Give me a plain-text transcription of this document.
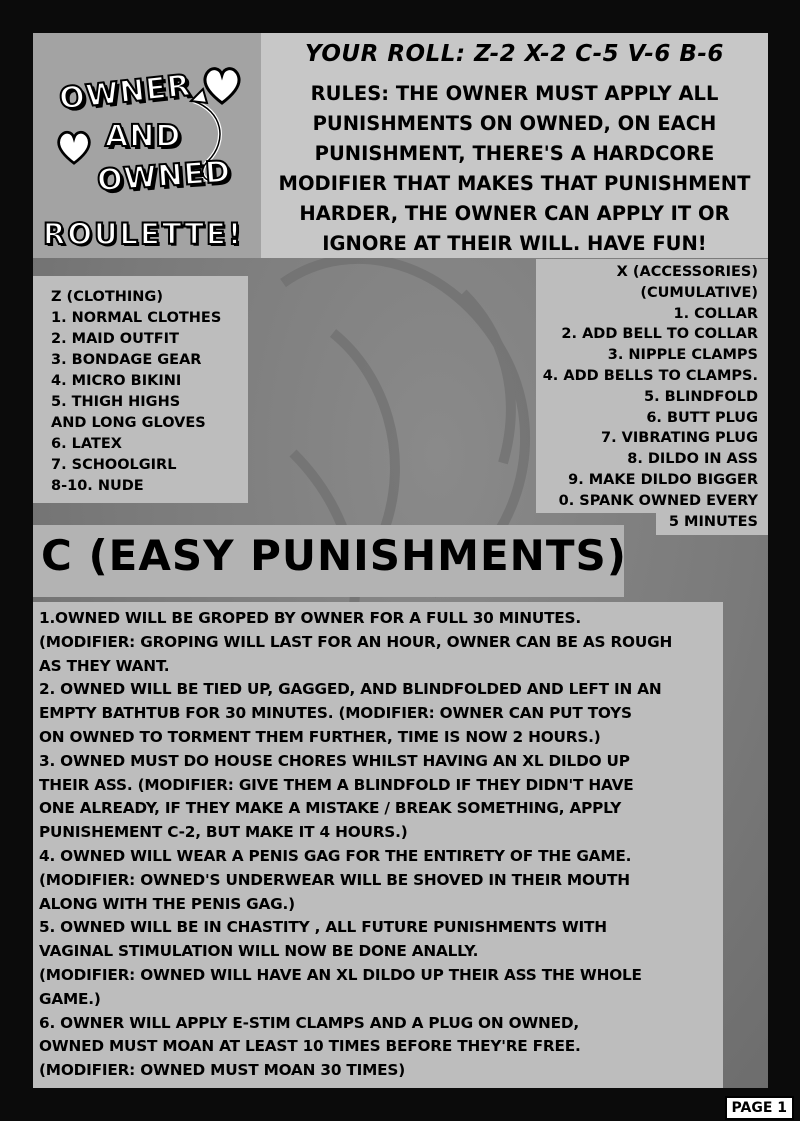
OWNER
AND
OWNED
ROULETTE!
YOUR ROLL: Z-2 X-2 C-5 V-6 B-6
RULES: THE OWNER MUST APPLY ALL
PUNISHMENTS ON OWNED, ON EACH
PUNISHMENT, THERE'S A HARDCORE
MODIFIER THAT MAKES THAT PUNISHMENT
HARDER, THE OWNER CAN APPLY IT OR
IGNORE AT THEIR WILL. HAVE FUN!
Z (CLOTHING)
1. NORMAL CLOTHES
2. MAID OUTFIT
3. BONDAGE GEAR
4. MICRO BIKINI
5. THIGH HIGHS
AND LONG GLOVES
6. LATEX
7. SCHOOLGIRL
8-10. NUDE
X (ACCESSORIES)
(CUMULATIVE)
1. COLLAR
2. ADD BELL TO COLLAR
3. NIPPLE CLAMPS
4. ADD BELLS TO CLAMPS.
5. BLINDFOLD
6. BUTT PLUG
7. VIBRATING PLUG
8. DILDO IN ASS
9. MAKE DILDO BIGGER
0. SPANK OWNED EVERY
5 MINUTES
C (EASY PUNISHMENTS)
1.OWNED WILL BE GROPED BY OWNER FOR A FULL 30 MINUTES.
(MODIFIER: GROPING WILL LAST FOR AN HOUR, OWNER CAN BE AS ROUGH
AS THEY WANT.
2. OWNED WILL BE TIED UP, GAGGED, AND BLINDFOLDED AND LEFT IN AN
EMPTY BATHTUB FOR 30 MINUTES. (MODIFIER: OWNER CAN PUT TOYS
ON OWNED TO TORMENT THEM FURTHER, TIME IS NOW 2 HOURS.)
3. OWNED MUST DO HOUSE CHORES WHILST HAVING AN XL DILDO UP
THEIR ASS. (MODIFIER: GIVE THEM A BLINDFOLD IF THEY DIDN'T HAVE
ONE ALREADY, IF THEY MAKE A MISTAKE / BREAK SOMETHING, APPLY
PUNISHEMENT C-2, BUT MAKE IT 4 HOURS.)
4. OWNED WILL WEAR A PENIS GAG FOR THE ENTIRETY OF THE GAME.
(MODIFIER: OWNED'S UNDERWEAR WILL BE SHOVED IN THEIR MOUTH
ALONG WITH THE PENIS GAG.)
5. OWNED WILL BE IN CHASTITY , ALL FUTURE PUNISHMENTS WITH
VAGINAL STIMULATION WILL NOW BE DONE ANALLY.
(MODIFIER: OWNED WILL HAVE AN XL DILDO UP THEIR ASS THE WHOLE
GAME.)
6. OWNER WILL APPLY E-STIM CLAMPS AND A PLUG ON OWNED,
OWNED MUST MOAN AT LEAST 10 TIMES BEFORE THEY'RE FREE.
(MODIFIER: OWNED MUST MOAN 30 TIMES)
PAGE 1
